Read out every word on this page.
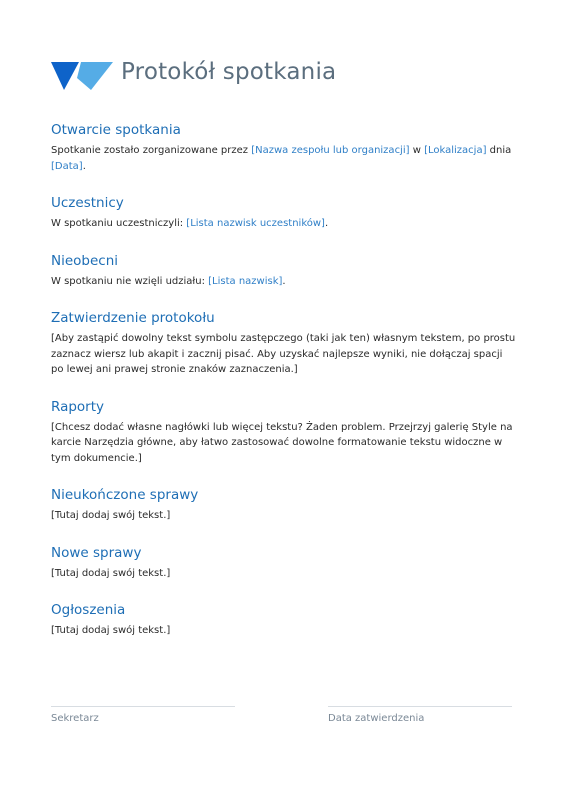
Protokół spotkania
Otwarcie spotkania

Spotkanie zostało zorganizowane przez [Nazwa zespołu lub organizacji] w [Lokalizacja] dnia [Data].

Uczestnicy

W spotkaniu uczestniczyli: [Lista nazwisk uczestników].

Nieobecni

W spotkaniu nie wzięli udziału: [Lista nazwisk].

Zatwierdzenie protokołu

[Aby zastąpić dowolny tekst symbolu zastępczego (taki jak ten) własnym tekstem, po prostu zaznacz wiersz lub akapit i zacznij pisać. Aby uzyskać najlepsze wyniki, nie dołączaj spacji po lewej ani prawej stronie znaków zaznaczenia.]

Raporty

[Chcesz dodać własne nagłówki lub więcej tekstu? Żaden problem. Przejrzyj galerię Style na karcie Narzędzia główne, aby łatwo zastosować dowolne formatowanie tekstu widoczne w tym dokumencie.]

Nieukończone sprawy

[Tutaj dodaj swój tekst.]

Nowe sprawy

[Tutaj dodaj swój tekst.]

Ogłoszenia

[Tutaj dodaj swój tekst.]

Sekretarz	Data zatwierdzenia
